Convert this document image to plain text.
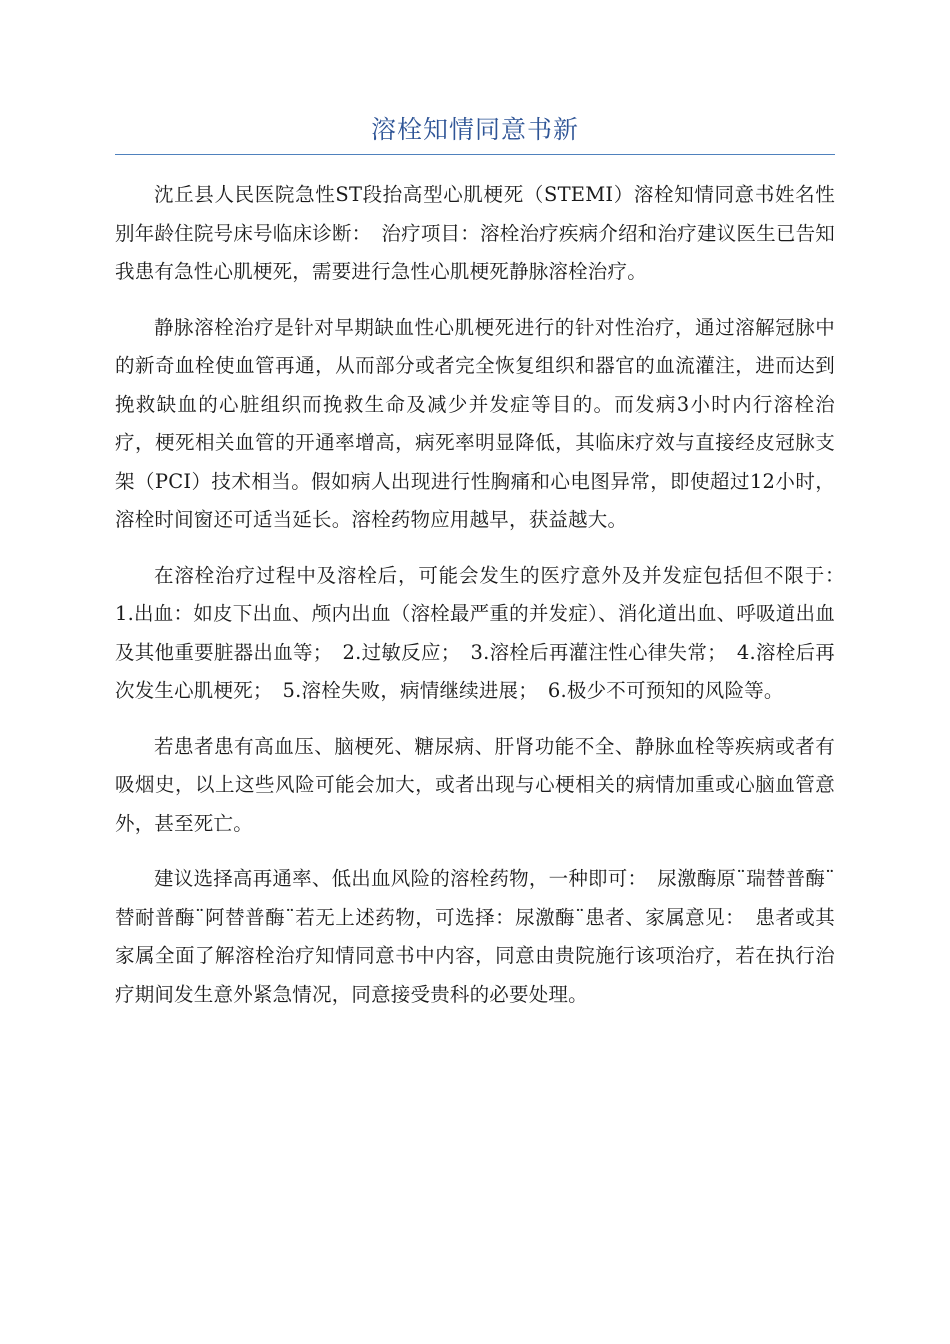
溶栓知情同意书新

沈丘县人民医院急性ST段抬高型心肌梗死（STEMI）溶栓知情同意书姓名性别年龄住院号床号临床诊断：　治疗项目：溶栓治疗疾病介绍和治疗建议医生已告知我患有急性心肌梗死，需要进行急性心肌梗死静脉溶栓治疗。

静脉溶栓治疗是针对早期缺血性心肌梗死进行的针对性治疗，通过溶解冠脉中的新奇血栓使血管再通，从而部分或者完全恢复组织和器官的血流灌注，进而达到挽救缺血的心脏组织而挽救生命及减少并发症等目的。而发病3小时内行溶栓治疗，梗死相关血管的开通率增高，病死率明显降低，其临床疗效与直接经皮冠脉支架（PCI）技术相当。假如病人出现进行性胸痛和心电图异常，即使超过12小时，溶栓时间窗还可适当延长。溶栓药物应用越早，获益越大。

在溶栓治疗过程中及溶栓后，可能会发生的医疗意外及并发症包括但不限于：　1.出血：如皮下出血、颅内出血（溶栓最严重的并发症）、消化道出血、呼吸道出血及其他重要脏器出血等；　2.过敏反应；　3.溶栓后再灌注性心律失常；　4.溶栓后再次发生心肌梗死；　5.溶栓失败，病情继续进展；　6.极少不可预知的风险等。

若患者患有高血压、脑梗死、糖尿病、肝肾功能不全、静脉血栓等疾病或者有吸烟史，以上这些风险可能会加大，或者出现与心梗相关的病情加重或心脑血管意外，甚至死亡。

建议选择高再通率、低出血风险的溶栓药物，一种即可：　尿激酶原¨瑞替普酶¨替耐普酶¨阿替普酶¨若无上述药物，可选择：尿激酶¨患者、家属意见：　患者或其家属全面了解溶栓治疗知情同意书中内容，同意由贵院施行该项治疗，若在执行治疗期间发生意外紧急情况，同意接受贵科的必要处理。
